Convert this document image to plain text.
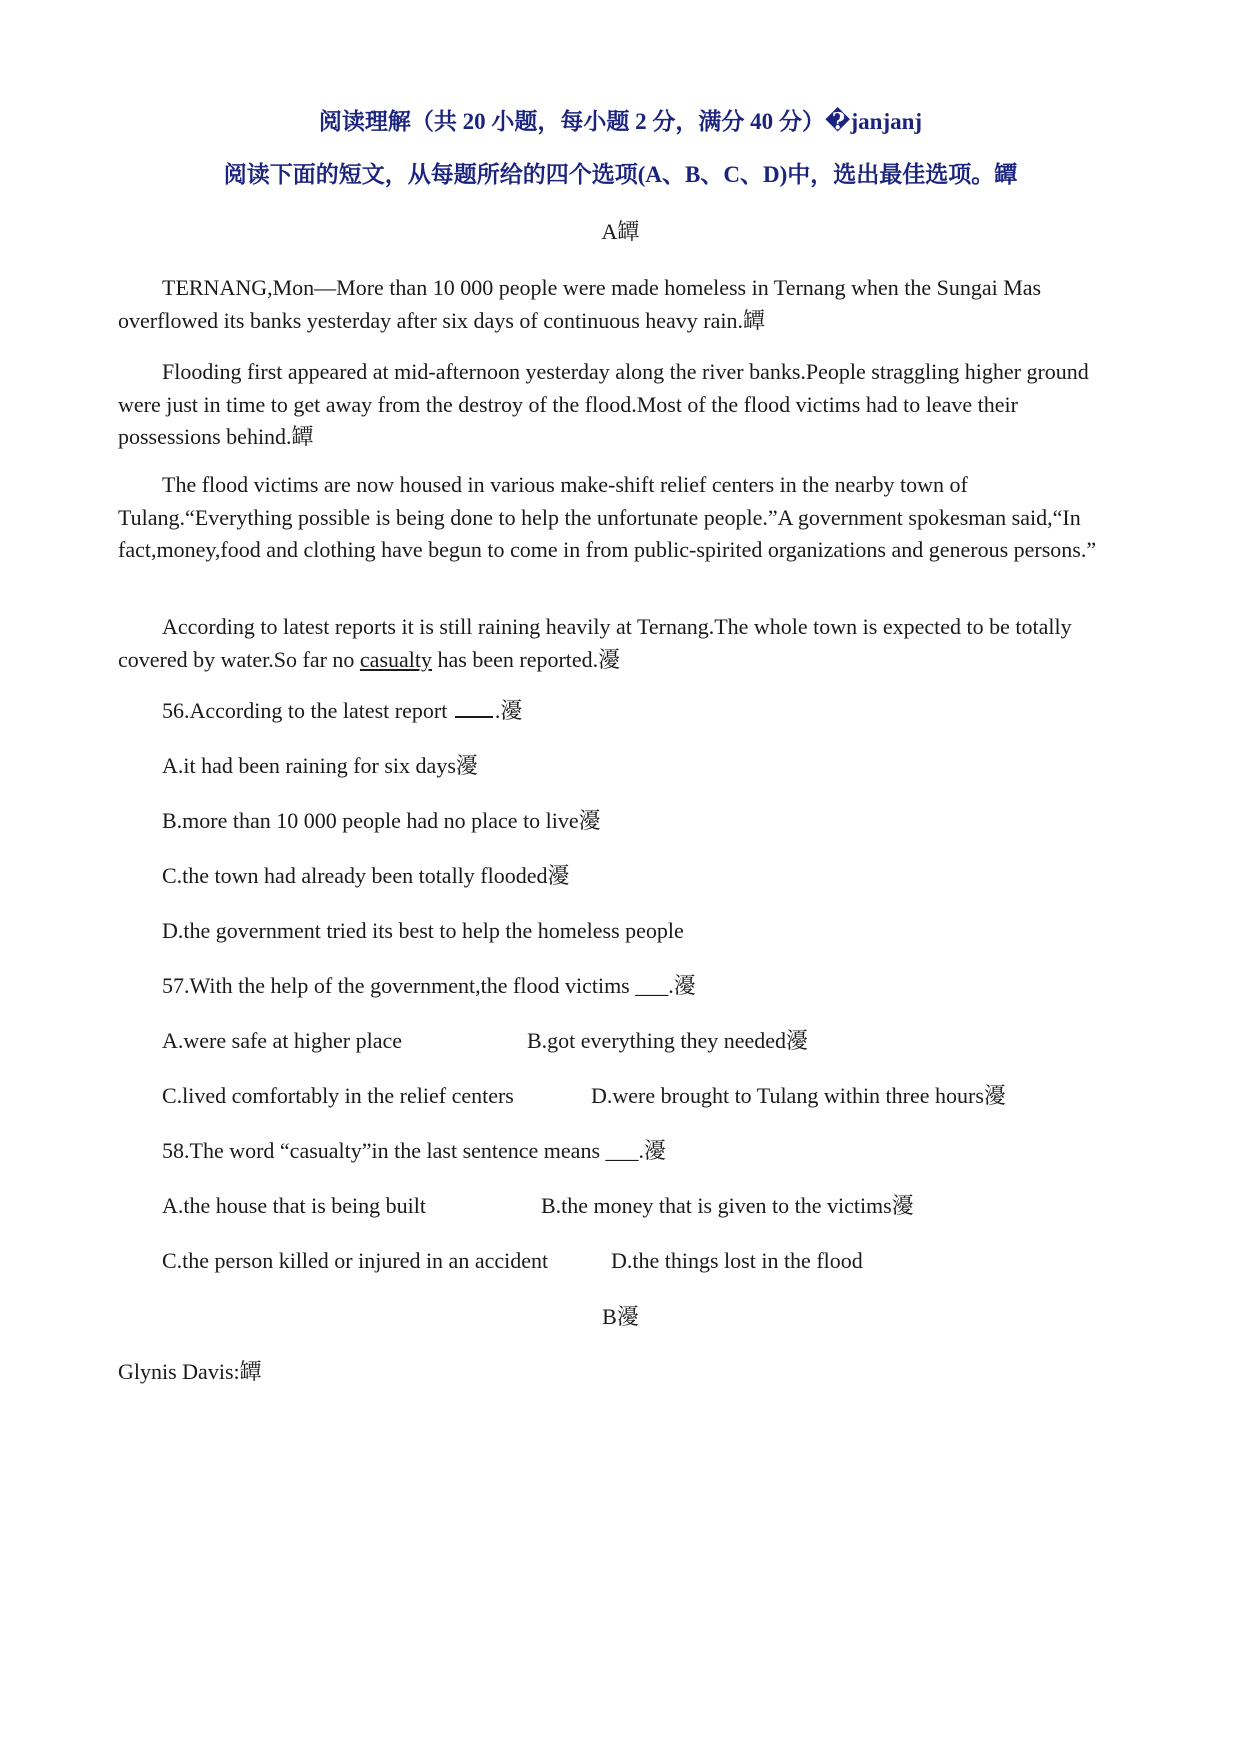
阅读理解（共 20 小题，每小题 2 分，满分 40 分）�janjanj
阅读下面的短文，从每题所给的四个选项(A、B、C、D)中，选出最佳选项。罈
A罈

TERNANG,Mon—More than 10 000 people were made homeless in Ternang when the Sungai Mas overflowed its banks yesterday after six days of continuous heavy rain.罈

Flooding first appeared at mid-afternoon yesterday along the river banks.People straggling higher ground were just in time to get away from the destroy of the flood.Most of the flood victims had to leave their possessions behind.罈

The flood victims are now housed in various make-shift relief centers in the nearby town of Tulang.“Everything possible is being done to help the unfortunate people.”A government spokesman said,“In fact,money,food and clothing have begun to come in from public-spirited organizations and generous persons.”

According to latest reports it is still raining heavily at Ternang.The whole town is expected to be totally covered by water.So far no casualty has been reported.瀀

56.According to the latest report .瀀
A.it had been raining for six days瀀
B.more than 10 000 people had no place to live瀀
C.the town had already been totally flooded瀀
D.the government tried its best to help the homeless people
57.With the help of the government,the flood victims ___.瀀
A.were safe at higher place	B.got everything they needed瀀
C.lived comfortably in the relief centers	D.were brought to Tulang within three hours瀀
58.The word “casualty”in the last sentence means ___.瀀
A.the house that is being built	B.the money that is given to the victims瀀
C.the person killed or injured in an accident	D.the things lost in the flood
B瀀
Glynis Davis:罈
